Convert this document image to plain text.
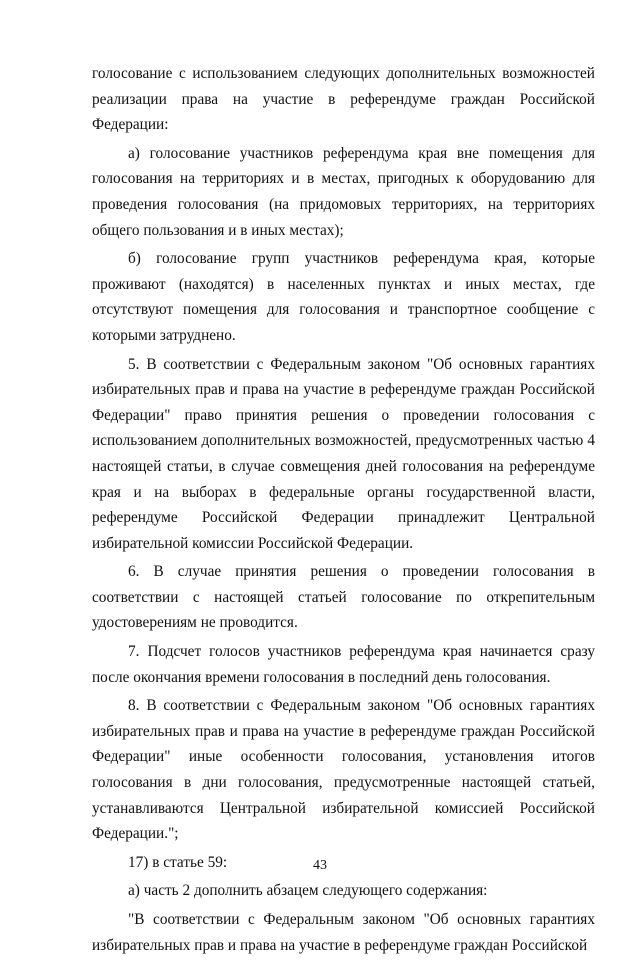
голосование с использованием следующих дополнительных возможностей реализации права на участие в референдуме граждан Российской Федерации:

а) голосование участников референдума края вне помещения для голосования на территориях и в местах, пригодных к оборудованию для проведения голосования (на придомовых территориях, на территориях общего пользования и в иных местах);

б) голосование групп участников референдума края, которые проживают (находятся) в населенных пунктах и иных местах, где отсутствуют помещения для голосования и транспортное сообщение с которыми затруднено.

5. В соответствии с Федеральным законом "Об основных гарантиях избирательных прав и права на участие в референдуме граждан Российской Федерации" право принятия решения о проведении голосования с использованием дополнительных возможностей, предусмотренных частью 4 настоящей статьи, в случае совмещения дней голосования на референдуме края и на выборах в федеральные органы государственной власти, референдуме Российской Федерации принадлежит Центральной избирательной комиссии Российской Федерации.

6. В случае принятия решения о проведении голосования в соответствии с настоящей статьей голосование по открепительным удостоверениям не проводится.

7. Подсчет голосов участников референдума края начинается сразу после окончания времени голосования в последний день голосования.

8. В соответствии с Федеральным законом "Об основных гарантиях избирательных прав и права на участие в референдуме граждан Российской Федерации" иные особенности голосования, установления итогов голосования в дни голосования, предусмотренные настоящей статьей, устанавливаются Центральной избирательной комиссией Российской Федерации.";

17) в статье 59:

а) часть 2 дополнить абзацем следующего содержания:

"В соответствии с Федеральным законом "Об основных гарантиях избирательных прав и права на участие в референдуме граждан Российской

43
